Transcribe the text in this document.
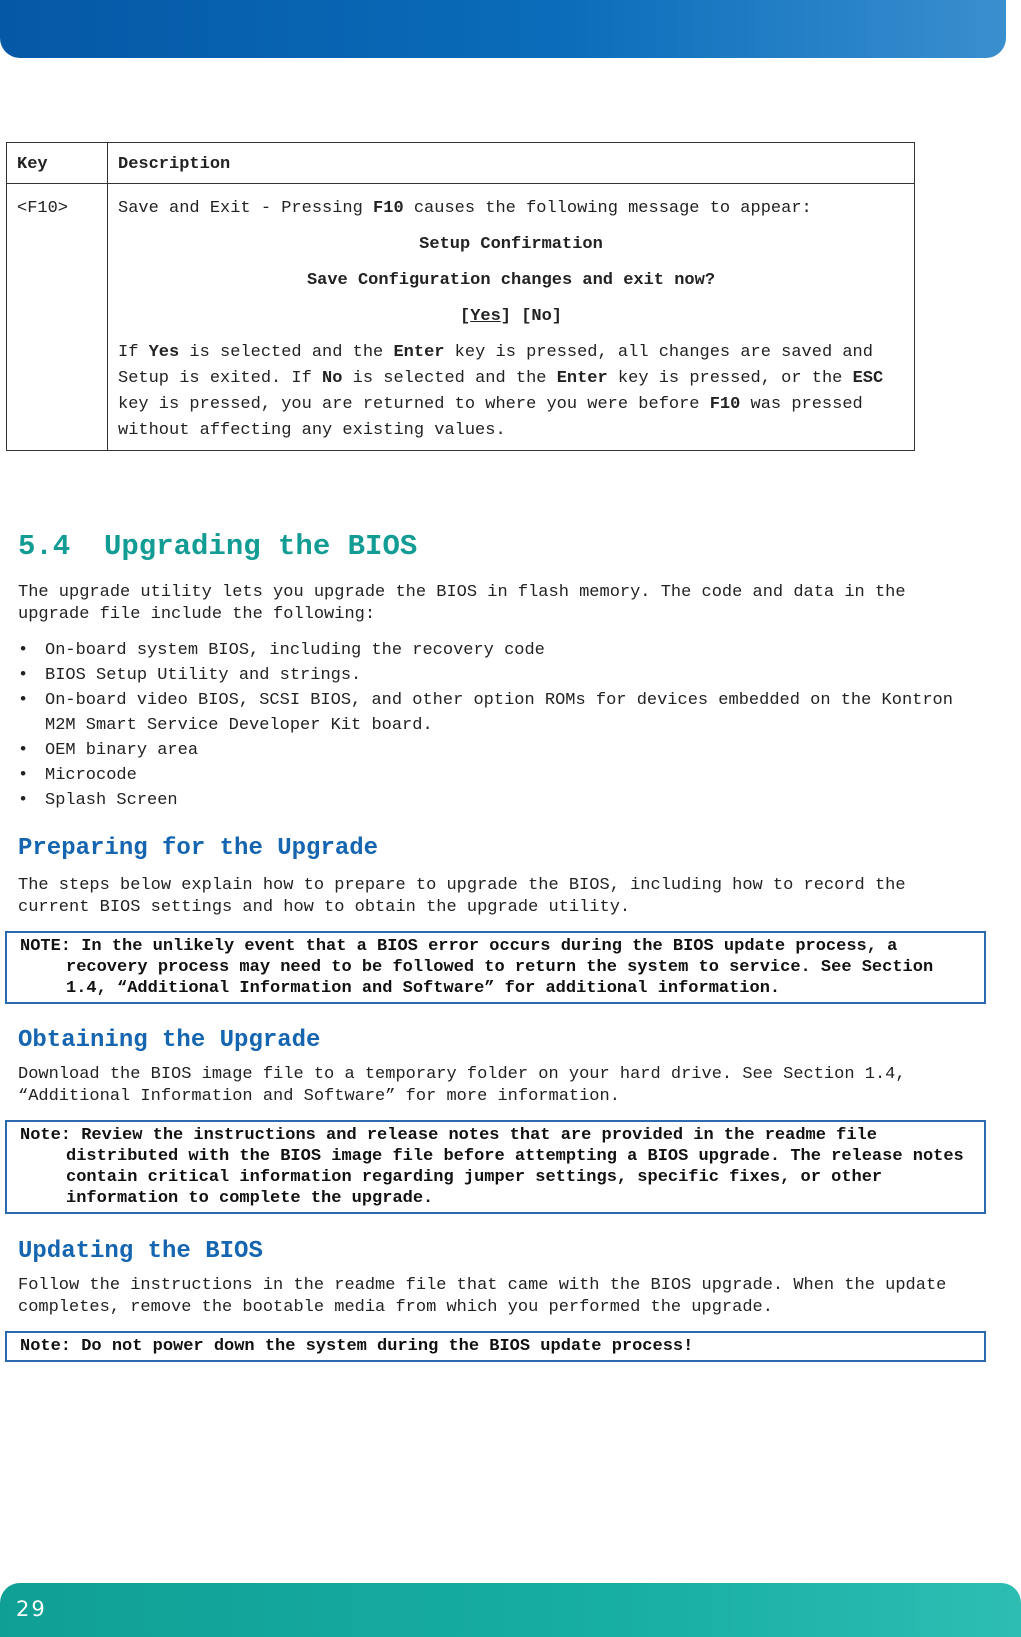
Key	Description
<F10>	Save and Exit - Pressing F10 causes the following message to appear:
Setup Confirmation
Save Configuration changes and exit now?
[Yes] [No]
If Yes is selected and the Enter key is pressed, all changes are saved and Setup is exited. If No is selected and the Enter key is pressed, or the ESC key is pressed, you are returned to where you were before F10 was pressed without affecting any existing values.
5.4 Upgrading the BIOS

The upgrade utility lets you upgrade the BIOS in flash memory. The code and data in the upgrade file include the following:

• On-board system BIOS, including the recovery code
• BIOS Setup Utility and strings.
• On-board video BIOS, SCSI BIOS, and other option ROMs for devices embedded on the Kontron M2M Smart Service Developer Kit board.
• OEM binary area
• Microcode
• Splash Screen
Preparing for the Upgrade

The steps below explain how to prepare to upgrade the BIOS, including how to record the current BIOS settings and how to obtain the upgrade utility.

NOTE: In the unlikely event that a BIOS error occurs during the BIOS update process, a
recovery process may need to be followed to return the system to service. See Section 1.4, “Additional Information and Software” for additional information.
Obtaining the Upgrade

Download the BIOS image file to a temporary folder on your hard drive. See Section 1.4, “Additional Information and Software” for more information.

Note: Review the instructions and release notes that are provided in the readme file
distributed with the BIOS image file before attempting a BIOS upgrade. The release notes contain critical information regarding jumper settings, specific fixes, or other information to complete the upgrade.
Updating the BIOS

Follow the instructions in the readme file that came with the BIOS upgrade. When the update completes, remove the bootable media from which you performed the upgrade.

Note: Do not power down the system during the BIOS update process!
29
